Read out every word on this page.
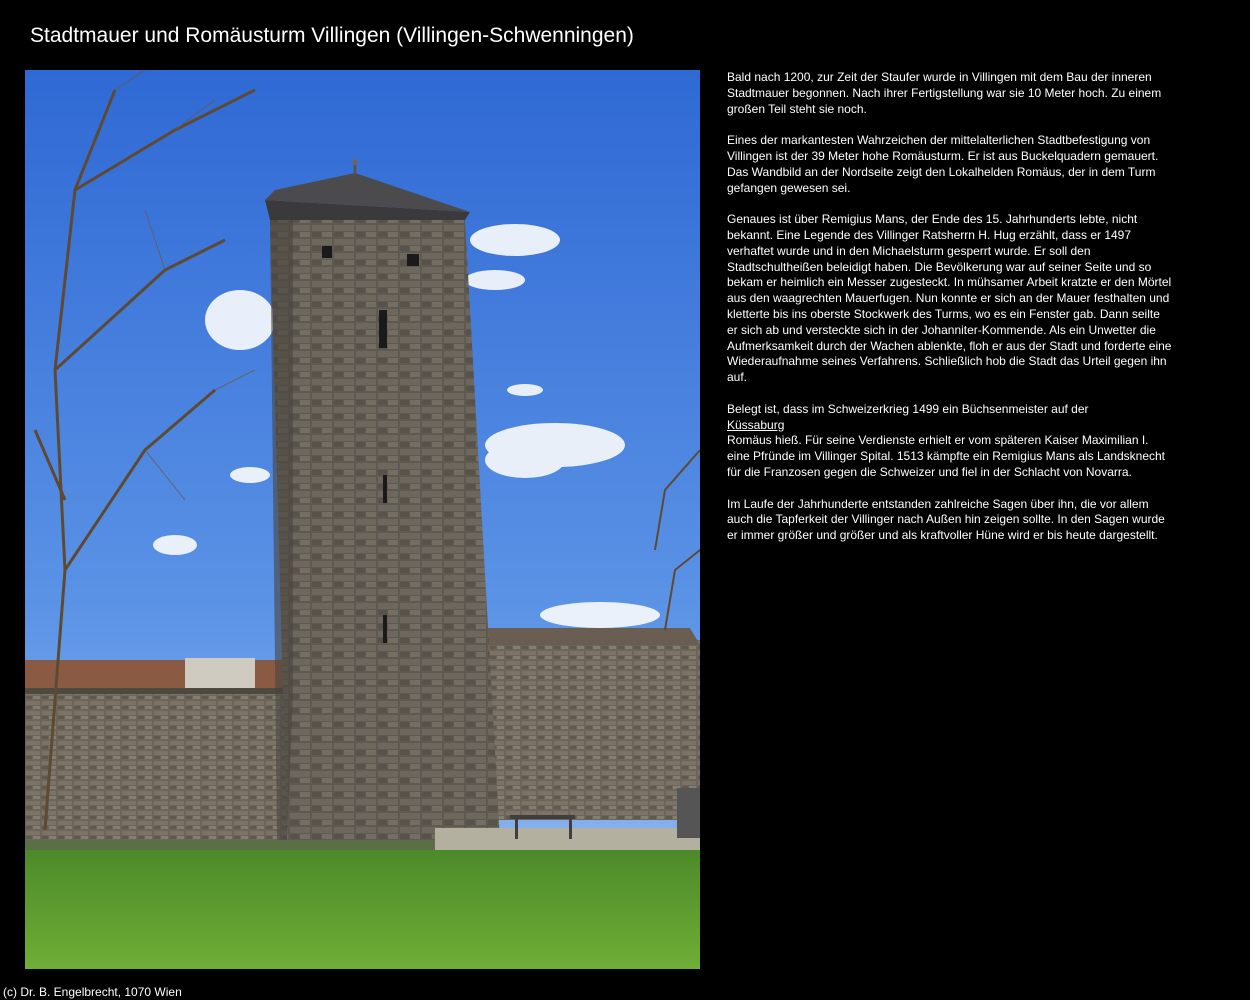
Stadtmauer und Romäusturm Villingen (Villingen-Schwenningen)

Bald nach 1200, zur Zeit der Staufer wurde in Villingen mit dem Bau der inneren Stadtmauer begonnen. Nach ihrer Fertigstellung war sie 10 Meter hoch. Zu einem großen Teil steht sie noch.

Eines der markantesten Wahrzeichen der mittelalterlichen Stadtbefestigung von Villingen ist der 39 Meter hohe Romäusturm. Er ist aus Buckelquadern gemauert. Das Wandbild an der Nordseite zeigt den Lokalhelden Romäus, der in dem Turm gefangen gewesen sei.

Genaues ist über Remigius Mans, der Ende des 15. Jahrhunderts lebte, nicht bekannt. Eine Legende des Villinger Ratsherrn H. Hug erzählt, dass er 1497 verhaftet wurde und in den Michaelsturm gesperrt wurde. Er soll den Stadtschultheißen beleidigt haben. Die Bevölkerung war auf seiner Seite und so bekam er heimlich ein Messer zugesteckt. In mühsamer Arbeit kratzte er den Mörtel aus den waagrechten Mauerfugen. Nun konnte er sich an der Mauer festhalten und kletterte bis ins oberste Stockwerk des Turms, wo es ein Fenster gab. Dann seilte er sich ab und versteckte sich in der Johanniter-Kommende. Als ein Unwetter die Aufmerksamkeit durch der Wachen ablenkte, floh er aus der Stadt und forderte eine Wiederaufnahme seines Verfahrens. Schließlich hob die Stadt das Urteil gegen ihn auf.

Belegt ist, dass im Schweizerkrieg 1499 ein Büchsenmeister auf der
Küssaburg
Romäus hieß. Für seine Verdienste erhielt er vom späteren Kaiser Maximilian I. eine Pfründe im Villinger Spital. 1513 kämpfte ein Remigius Mans als Landsknecht für die Franzosen gegen die Schweizer und fiel in der Schlacht von Novarra.

Im Laufe der Jahrhunderte entstanden zahlreiche Sagen über ihn, die vor allem auch die Tapferkeit der Villinger nach Außen hin zeigen sollte. In den Sagen wurde er immer größer und größer und als kraftvoller Hüne wird er bis heute dargestellt.

(c) Dr. B. Engelbrecht, 1070 Wien
